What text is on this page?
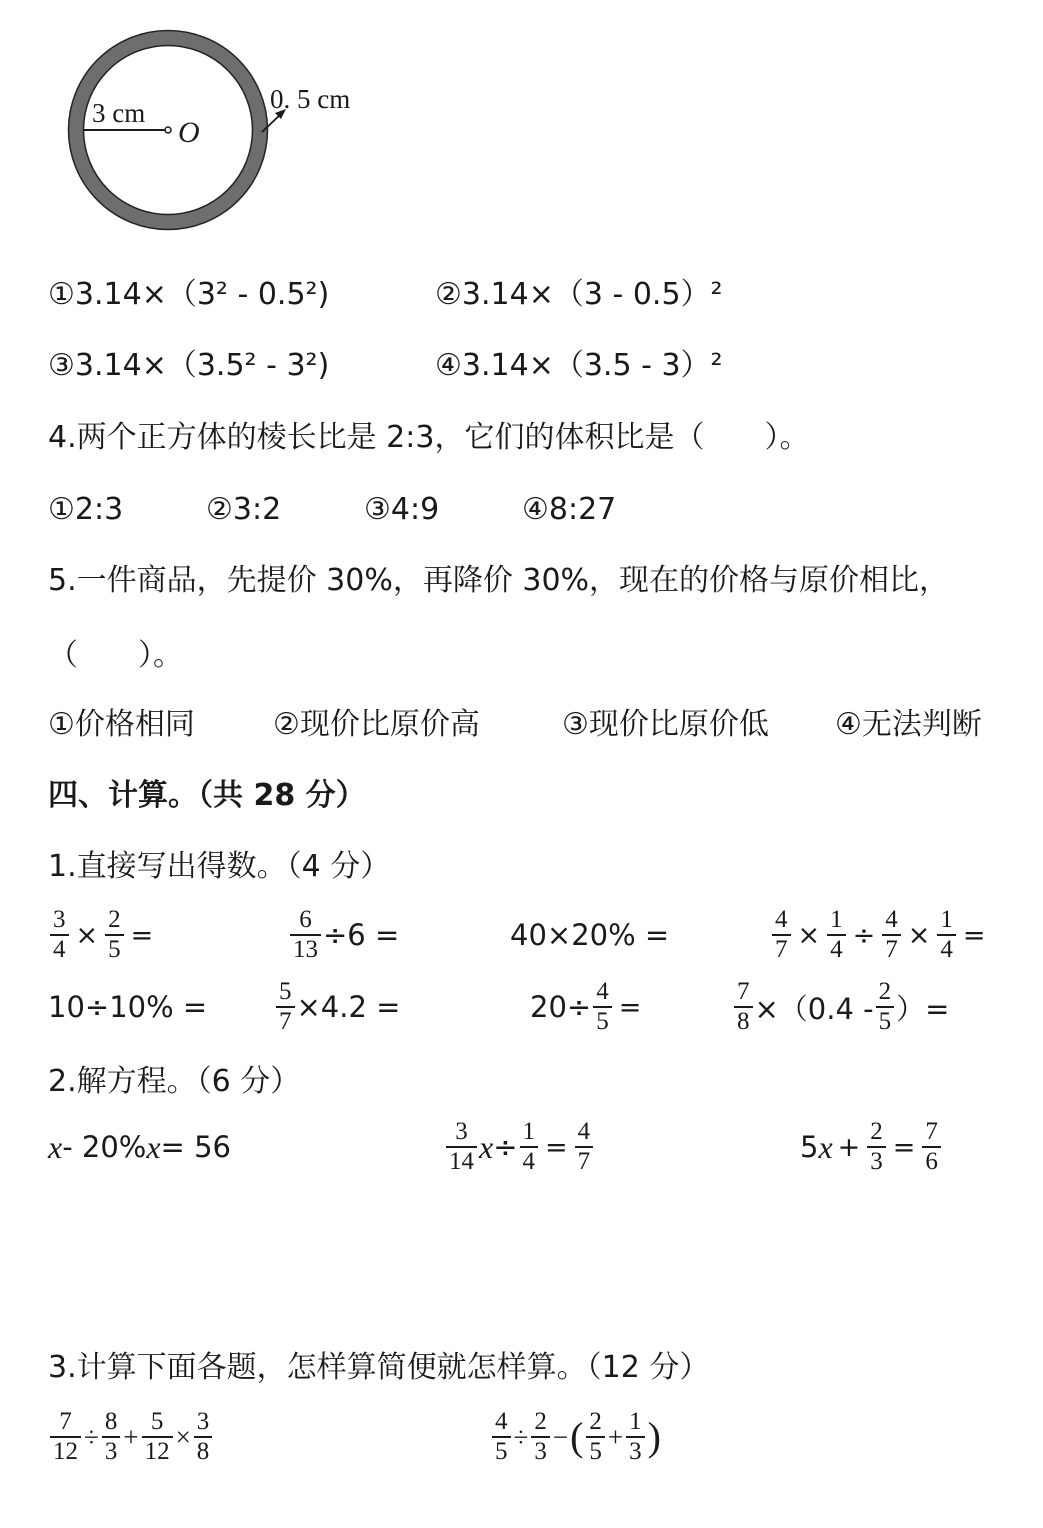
3 cm
O
0. 5 cm
①3.14×（3² - 0.5²)	②3.14×（3 - 0.5）²
③3.14×（3.5² - 3²)	④3.14×（3.5 - 3）²
4.两个正方体的棱长比是 2:3，它们的体积比是（　　）。
①2:3	②3:2	③4:9	④8:27
5.一件商品，先提价 30%，再降价 30%，现在的价格与原价相比，
（　　）。
①价格相同	②现价比原价高	③现价比原价低 ④无法判断
四、计算。（共 28 分）
1.直接写出得数。（4 分）
$\frac{3}{4} \times \frac{2}{5}$ =	$\frac{6}{13} \div 6$ =	40×20% =	$\frac{4}{7} \times \frac{1}{4} \div \frac{4}{7} \times \frac{1}{4}$ =
10÷10% =	$\frac{5}{7} \times 4.2$ =	$20\div \frac{4}{5}$ =	$\frac{7}{8} \times(0.4 - \frac{2}{5}$ ）=
2.解方程。（6 分）
x - 20% x = 56	$\frac{3}{14}$ $x \div \frac{1}{4} = \frac{4}{7}$	5 $x + \frac{2}{3} = \frac{7}{6}$
3.计算下面各题，怎样算简便就怎样算。（12 分）
$\frac{7}{12} \div \frac{8}{3} + \frac{5}{12} \times \frac{3}{8}$	$\frac{4}{5} \div \frac{2}{3}$ − ( $\frac{2}{5} + \frac{1}{3}$ )
